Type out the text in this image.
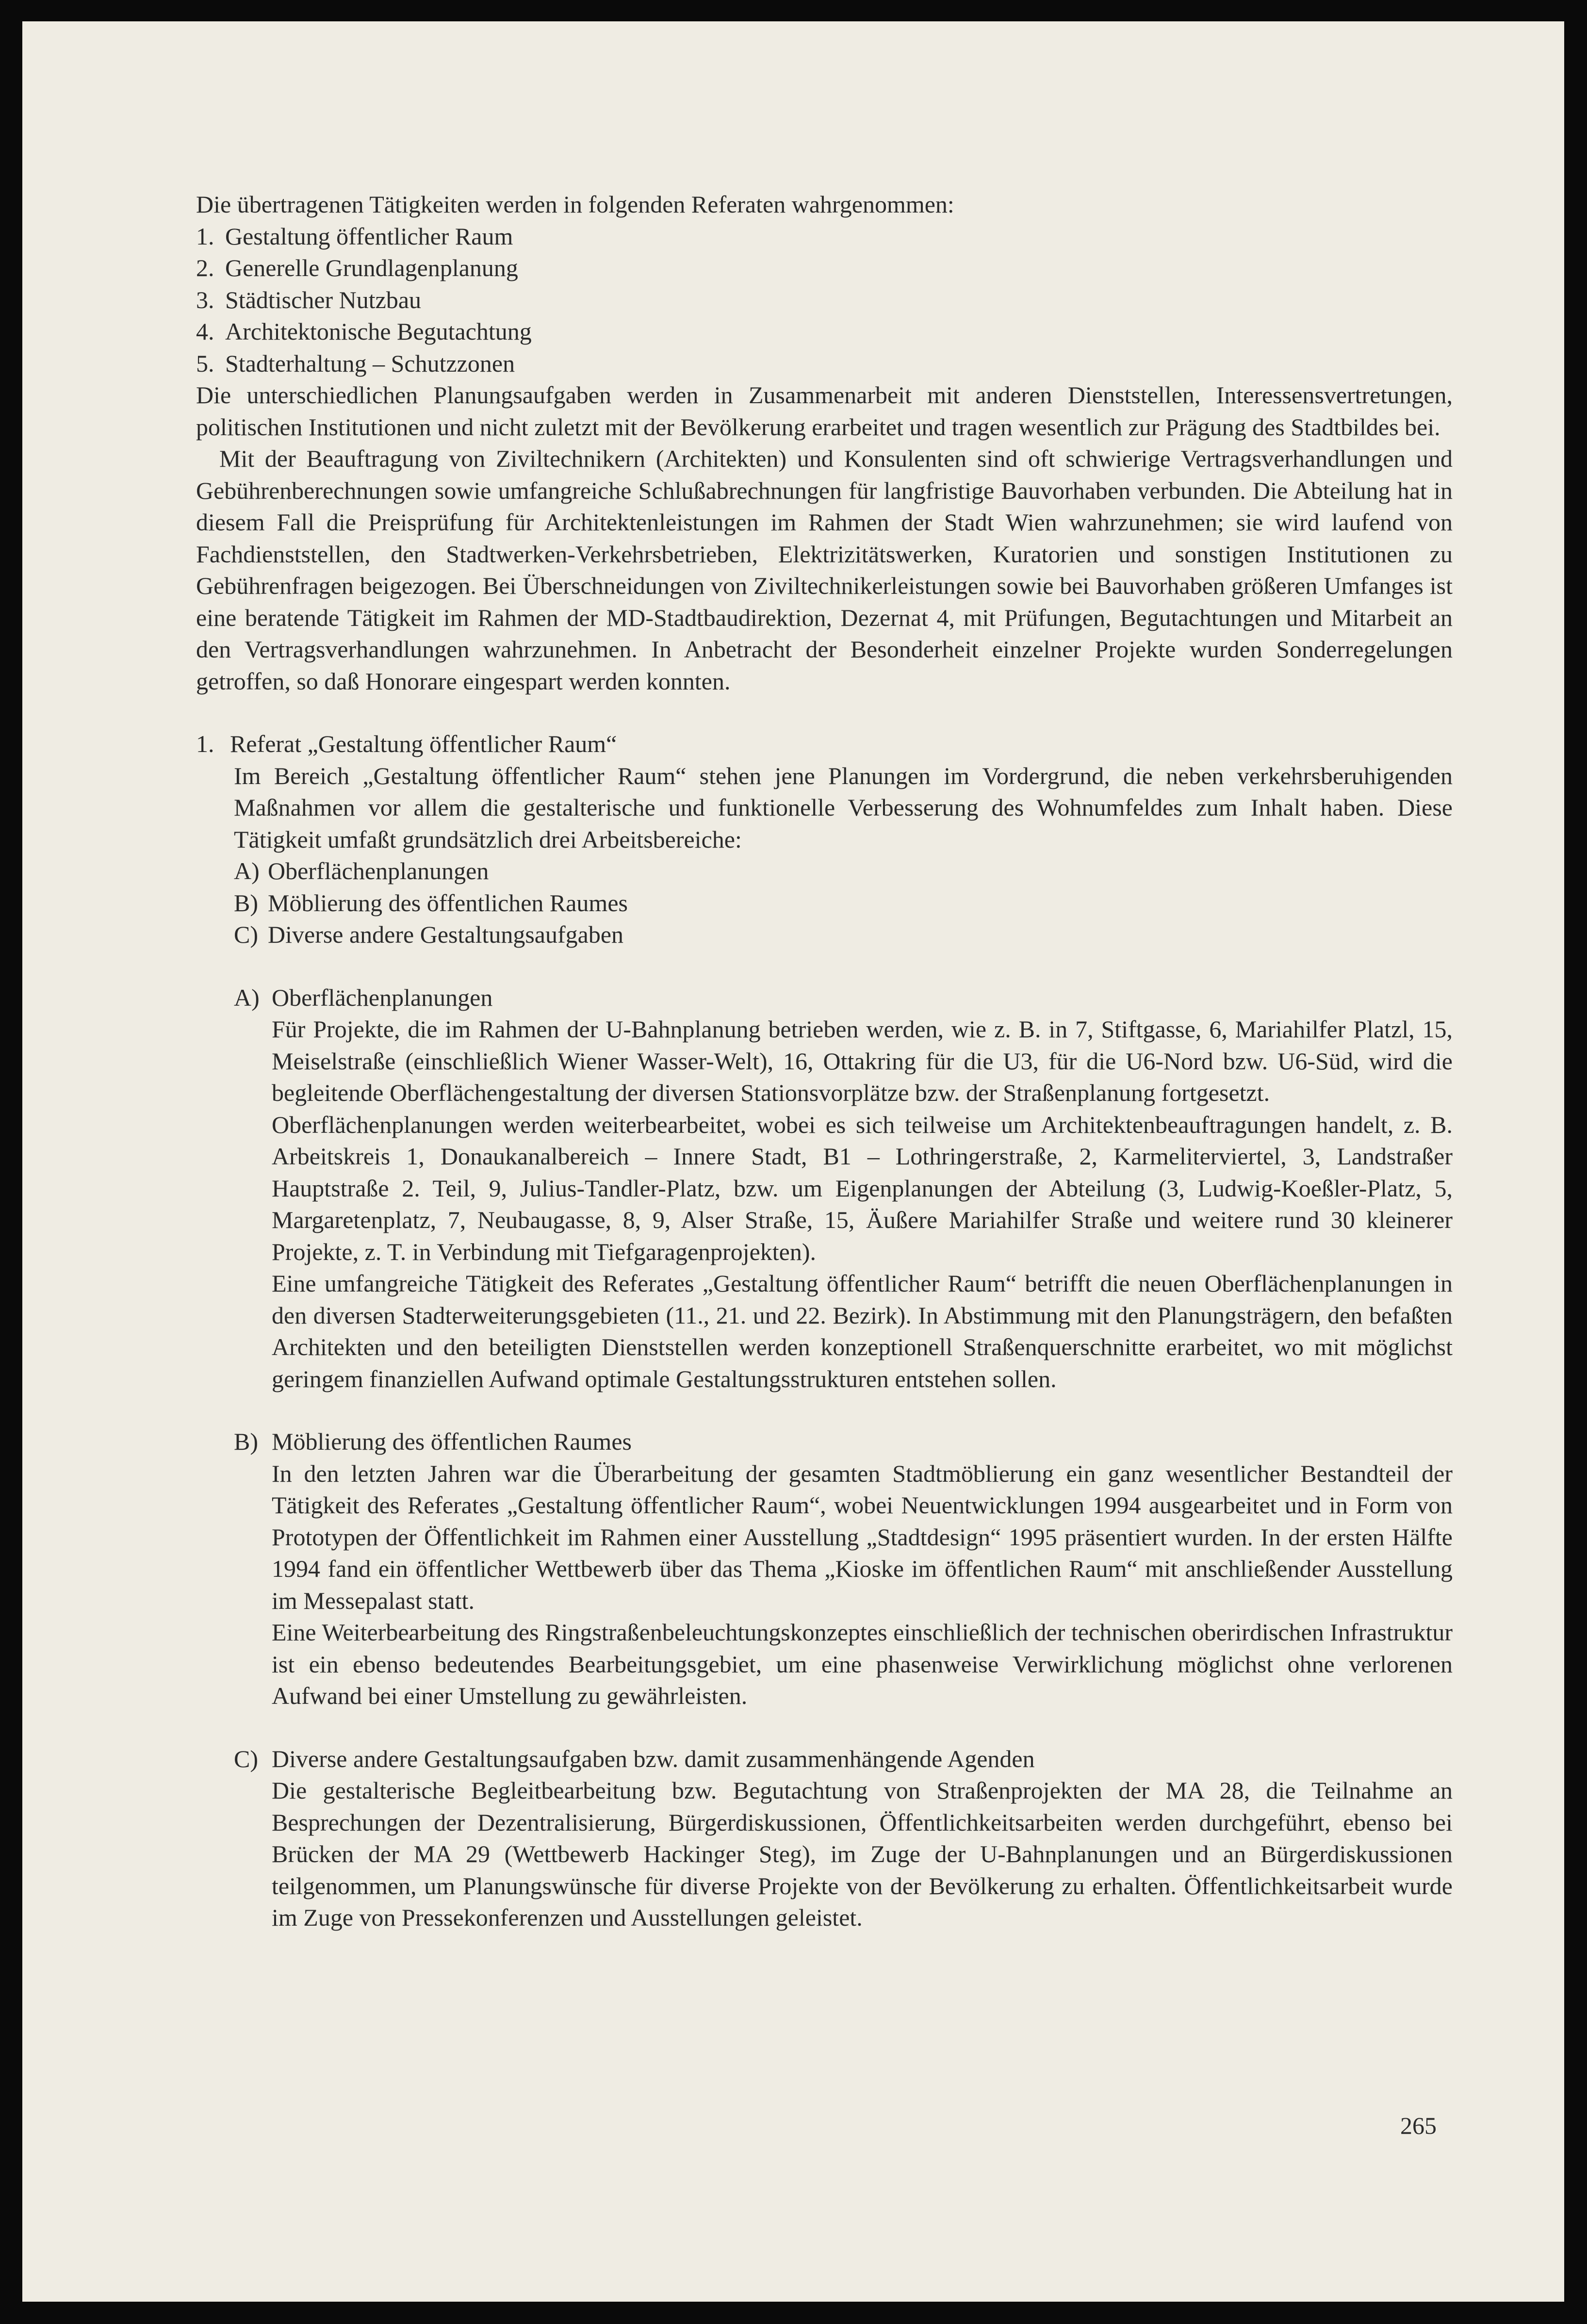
Die übertragenen Tätigkeiten werden in folgenden Referaten wahrgenommen:

1. Gestaltung öffentlicher Raum
2. Generelle Grundlagenplanung
3. Städtischer Nutzbau
4. Architektonische Begutachtung
5. Stadterhaltung – Schutzzonen

Die unterschiedlichen Planungsaufgaben werden in Zusammenarbeit mit anderen Dienststellen, Interessensvertretungen, politischen Institutionen und nicht zuletzt mit der Bevölkerung erarbeitet und tragen wesentlich zur Prägung des Stadtbildes bei.

Mit der Beauftragung von Ziviltechnikern (Architekten) und Konsulenten sind oft schwierige Vertragsverhandlungen und Gebührenberechnungen sowie umfangreiche Schlußabrechnungen für langfristige Bauvorhaben verbunden. Die Abteilung hat in diesem Fall die Preisprüfung für Architektenleistungen im Rahmen der Stadt Wien wahrzunehmen; sie wird laufend von Fachdienststellen, den Stadtwerken-Verkehrsbetrieben, Elektrizitätswerken, Kuratorien und sonstigen Institutionen zu Gebührenfragen beigezogen. Bei Überschneidungen von Ziviltechnikerleistungen sowie bei Bauvorhaben größeren Umfanges ist eine beratende Tätigkeit im Rahmen der MD-Stadtbaudirektion, Dezernat 4, mit Prüfungen, Begutachtungen und Mitarbeit an den Vertragsverhandlungen wahrzunehmen. In Anbetracht der Besonderheit einzelner Projekte wurden Sonderregelungen getroffen, so daß Honorare eingespart werden konnten.

1. Referat „Gestaltung öffentlicher Raum“

Im Bereich „Gestaltung öffentlicher Raum“ stehen jene Planungen im Vordergrund, die neben verkehrsberuhigenden Maßnahmen vor allem die gestalterische und funktionelle Verbesserung des Wohnumfeldes zum Inhalt haben. Diese Tätigkeit umfaßt grundsätzlich drei Arbeitsbereiche:

A) Oberflächenplanungen
B) Möblierung des öffentlichen Raumes
C) Diverse andere Gestaltungsaufgaben
A) Oberflächenplanungen

Für Projekte, die im Rahmen der U-Bahnplanung betrieben werden, wie z. B. in 7, Stiftgasse, 6, Mariahilfer Platzl, 15, Meiselstraße (einschließlich Wiener Wasser-Welt), 16, Ottakring für die U3, für die U6-Nord bzw. U6-Süd, wird die begleitende Oberflächengestaltung der diversen Stationsvorplätze bzw. der Straßenplanung fortgesetzt.

Oberflächenplanungen werden weiterbearbeitet, wobei es sich teilweise um Architektenbeauftragungen handelt, z. B. Arbeitskreis 1, Donaukanalbereich – Innere Stadt, B1 – Lothringerstraße, 2, Karmeliterviertel, 3, Landstraßer Hauptstraße 2. Teil, 9, Julius-Tandler-Platz, bzw. um Eigenplanungen der Abteilung (3, Ludwig-Koeßler-Platz, 5, Margaretenplatz, 7, Neubaugasse, 8, 9, Alser Straße, 15, Äußere Mariahilfer Straße und weitere rund 30 kleinerer Projekte, z. T. in Verbindung mit Tiefgaragenprojekten).

Eine umfangreiche Tätigkeit des Referates „Gestaltung öffentlicher Raum“ betrifft die neuen Oberflächenplanungen in den diversen Stadterweiterungsgebieten (11., 21. und 22. Bezirk). In Abstimmung mit den Planungsträgern, den befaßten Architekten und den beteiligten Dienststellen werden konzeptionell Straßenquerschnitte erarbeitet, wo mit möglichst geringem finanziellen Aufwand optimale Gestaltungsstrukturen entstehen sollen.

B) Möblierung des öffentlichen Raumes

In den letzten Jahren war die Überarbeitung der gesamten Stadtmöblierung ein ganz wesentlicher Bestandteil der Tätigkeit des Referates „Gestaltung öffentlicher Raum“, wobei Neuentwicklungen 1994 ausgearbeitet und in Form von Prototypen der Öffentlichkeit im Rahmen einer Ausstellung „Stadtdesign“ 1995 präsentiert wurden. In der ersten Hälfte 1994 fand ein öffentlicher Wettbewerb über das Thema „Kioske im öffentlichen Raum“ mit anschließender Ausstellung im Messepalast statt.

Eine Weiterbearbeitung des Ringstraßenbeleuchtungskonzeptes einschließlich der technischen oberirdischen Infrastruktur ist ein ebenso bedeutendes Bearbeitungsgebiet, um eine phasenweise Verwirklichung möglichst ohne verlorenen Aufwand bei einer Umstellung zu gewährleisten.

C) Diverse andere Gestaltungsaufgaben bzw. damit zusammenhängende Agenden

Die gestalterische Begleitbearbeitung bzw. Begutachtung von Straßenprojekten der MA 28, die Teilnahme an Besprechungen der Dezentralisierung, Bürgerdiskussionen, Öffentlichkeitsarbeiten werden durchgeführt, ebenso bei Brücken der MA 29 (Wettbewerb Hackinger Steg), im Zuge der U-Bahnplanungen und an Bürgerdiskussionen teilgenommen, um Planungswünsche für diverse Projekte von der Bevölkerung zu erhalten. Öffentlichkeitsarbeit wurde im Zuge von Pressekonferenzen und Ausstellungen geleistet.

265
